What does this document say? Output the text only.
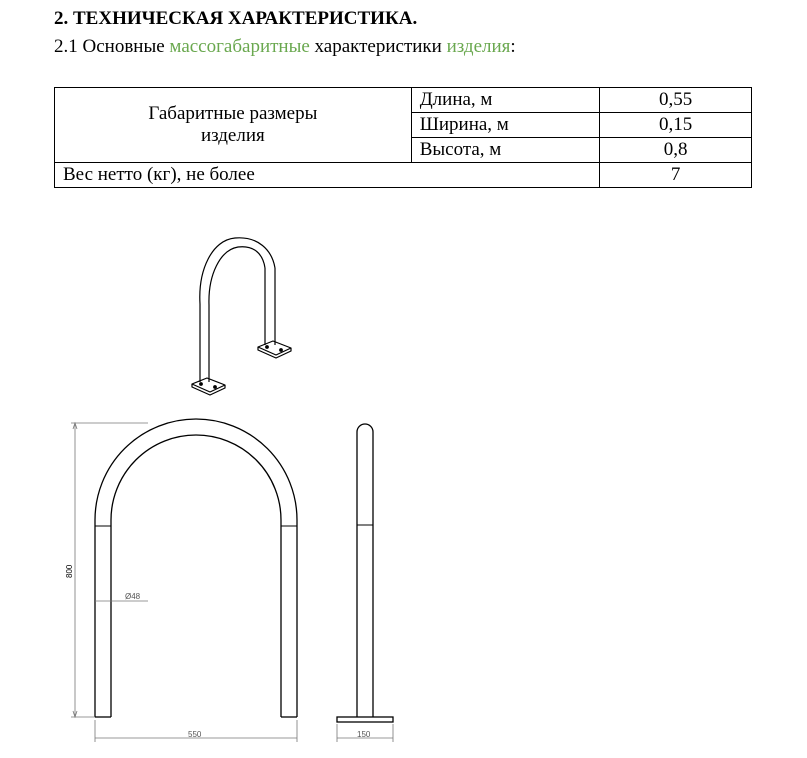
2. ТЕХНИЧЕСКАЯ ХАРАКТЕРИСТИКА.

2.1 Основные массогабаритные характеристики изделия:

Габаритные размеры изделия	Длина, м	0,55
	Ширина, м	0,15
	Высота, м	0,8
Вес нетто (кг), не более		7
800
Ø48
550	150
